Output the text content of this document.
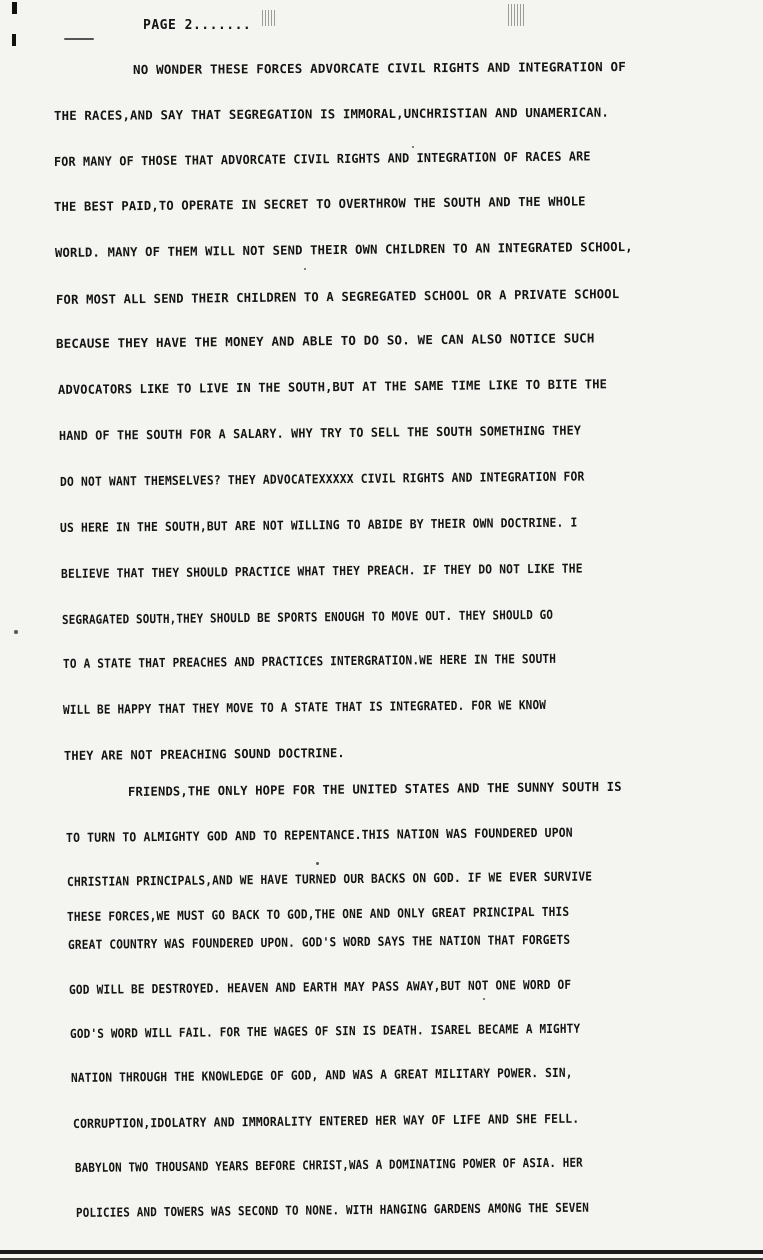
PAGE 2.......
NO WONDER THESE FORCES ADVORCATE CIVIL RIGHTS AND INTEGRATION OF
THE RACES,AND SAY THAT SEGREGATION IS IMMORAL,UNCHRISTIAN AND UNAMERICAN.
FOR MANY OF THOSE THAT ADVORCATE CIVIL RIGHTS AND INTEGRATION OF RACES ARE
THE BEST PAID,TO OPERATE IN SECRET TO OVERTHROW THE SOUTH AND THE WHOLE
WORLD. MANY OF THEM WILL NOT SEND THEIR OWN CHILDREN TO AN INTEGRATED SCHOOL,
FOR MOST ALL SEND THEIR CHILDREN TO A SEGREGATED SCHOOL OR A PRIVATE SCHOOL
BECAUSE THEY HAVE THE MONEY AND ABLE TO DO SO. WE CAN ALSO NOTICE SUCH
ADVOCATORS LIKE TO LIVE IN THE SOUTH,BUT AT THE SAME TIME LIKE TO BITE THE
HAND OF THE SOUTH FOR A SALARY. WHY TRY TO SELL THE SOUTH SOMETHING THEY
DO NOT WANT THEMSELVES? THEY ADVOCATEXXXXX CIVIL RIGHTS AND INTEGRATION FOR
US HERE IN THE SOUTH,BUT ARE NOT WILLING TO ABIDE BY THEIR OWN DOCTRINE. I
BELIEVE THAT THEY SHOULD PRACTICE WHAT THEY PREACH. IF THEY DO NOT LIKE THE
SEGRAGATED SOUTH,THEY SHOULD BE SPORTS ENOUGH TO MOVE OUT. THEY SHOULD GO
TO A STATE THAT PREACHES AND PRACTICES INTERGRATION.WE HERE IN THE SOUTH
WILL BE HAPPY THAT THEY MOVE TO A STATE THAT IS INTEGRATED. FOR WE KNOW
THEY ARE NOT PREACHING SOUND DOCTRINE.
FRIENDS,THE ONLY HOPE FOR THE UNITED STATES AND THE SUNNY SOUTH IS
TO TURN TO ALMIGHTY GOD AND TO REPENTANCE.THIS NATION WAS FOUNDERED UPON
CHRISTIAN PRINCIPALS,AND WE HAVE TURNED OUR BACKS ON GOD. IF WE EVER SURVIVE
THESE FORCES,WE MUST GO BACK TO GOD,THE ONE AND ONLY GREAT PRINCIPAL THIS
GREAT COUNTRY WAS FOUNDERED UPON. GOD'S WORD SAYS THE NATION THAT FORGETS
GOD WILL BE DESTROYED. HEAVEN AND EARTH MAY PASS AWAY,BUT NOT ONE WORD OF
GOD'S WORD WILL FAIL. FOR THE WAGES OF SIN IS DEATH. ISAREL BECAME A MIGHTY
NATION THROUGH THE KNOWLEDGE OF GOD, AND WAS A GREAT MILITARY POWER. SIN,
CORRUPTION,IDOLATRY AND IMMORALITY ENTERED HER WAY OF LIFE AND SHE FELL.
BABYLON TWO THOUSAND YEARS BEFORE CHRIST,WAS A DOMINATING POWER OF ASIA. HER
POLICIES AND TOWERS WAS SECOND TO NONE. WITH HANGING GARDENS AMONG THE SEVEN
